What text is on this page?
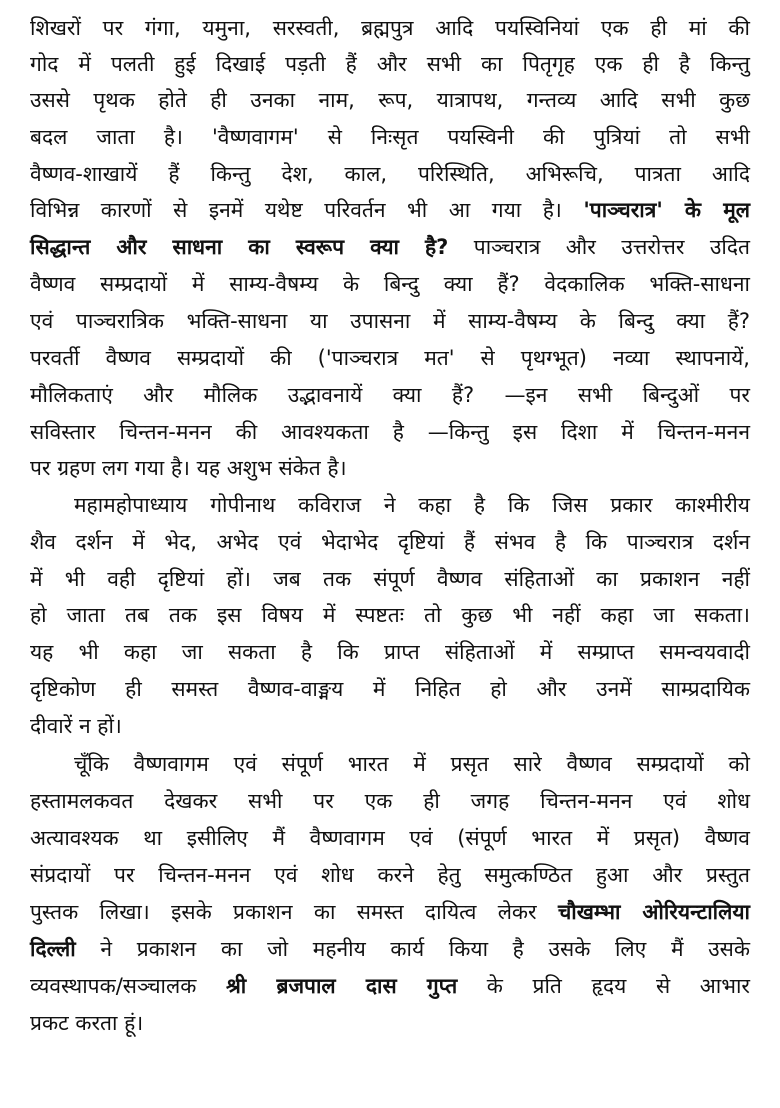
शिखरों पर गंगा, यमुना, सरस्वती, ब्रह्मपुत्र आदि पयस्विनियां एक ही मां की
गोद में पलती हुई दिखाई पड़ती हैं और सभी का पितृगृह एक ही है किन्तु
उससे पृथक होते ही उनका नाम, रूप, यात्रापथ, गन्तव्य आदि सभी कुछ
बदल जाता है। 'वैष्णवागम' से निःसृत पयस्विनी की पुत्रियां तो सभी
वैष्णव-शाखायें हैं किन्तु देश, काल, परिस्थिति, अभिरूचि, पात्रता आदि
विभिन्न कारणों से इनमें यथेष्ट परिवर्तन भी आ गया है। 'पाञ्चरात्र' के मूल
सिद्धान्त और साधना का स्वरूप क्या है? पाञ्चरात्र और उत्तरोत्तर उदित
वैष्णव सम्प्रदायों में साम्य-वैषम्य के बिन्दु क्या हैं? वेदकालिक भक्ति-साधना
एवं पाञ्चरात्रिक भक्ति-साधना या उपासना में साम्य-वैषम्य के बिन्दु क्या हैं?
परवर्ती वैष्णव सम्प्रदायों की ('पाञ्चरात्र मत' से पृथग्भूत) नव्या स्थापनायें,
मौलिकताएं और मौलिक उद्भावनायें क्या हैं? —इन सभी बिन्दुओं पर
सविस्तार चिन्तन-मनन की आवश्यकता है —किन्तु इस दिशा में चिन्तन-मनन
पर ग्रहण लग गया है। यह अशुभ संकेत है।
महामहोपाध्याय गोपीनाथ कविराज ने कहा है कि जिस प्रकार काश्मीरीय
शैव दर्शन में भेद, अभेद एवं भेदाभेद दृष्टियां हैं संभव है कि पाञ्चरात्र दर्शन
में भी वही दृष्टियां हों। जब तक संपूर्ण वैष्णव संहिताओं का प्रकाशन नहीं
हो जाता तब तक इस विषय में स्पष्टतः तो कुछ भी नहीं कहा जा सकता।
यह भी कहा जा सकता है कि प्राप्त संहिताओं में सम्प्राप्त समन्वयवादी
दृष्टिकोण ही समस्त वैष्णव-वाङ्मय में निहित हो और उनमें साम्प्रदायिक
दीवारें न हों।
चूँकि वैष्णवागम एवं संपूर्ण भारत में प्रसृत सारे वैष्णव सम्प्रदायों को
हस्तामलकवत देखकर सभी पर एक ही जगह चिन्तन-मनन एवं शोध
अत्यावश्यक था इसीलिए मैं वैष्णवागम एवं (संपूर्ण भारत में प्रसृत) वैष्णव
संप्रदायों पर चिन्तन-मनन एवं शोध करने हेतु समुत्कण्ठित हुआ और प्रस्तुत
पुस्तक लिखा। इसके प्रकाशन का समस्त दायित्व लेकर चौखम्भा ओरियन्टालिया
दिल्ली ने प्रकाशन का जो महनीय कार्य किया है उसके लिए मैं उसके
व्यवस्थापक/सञ्चालक श्री ब्रजपाल दास गुप्त के प्रति हृदय से आभार
प्रकट करता हूं।
